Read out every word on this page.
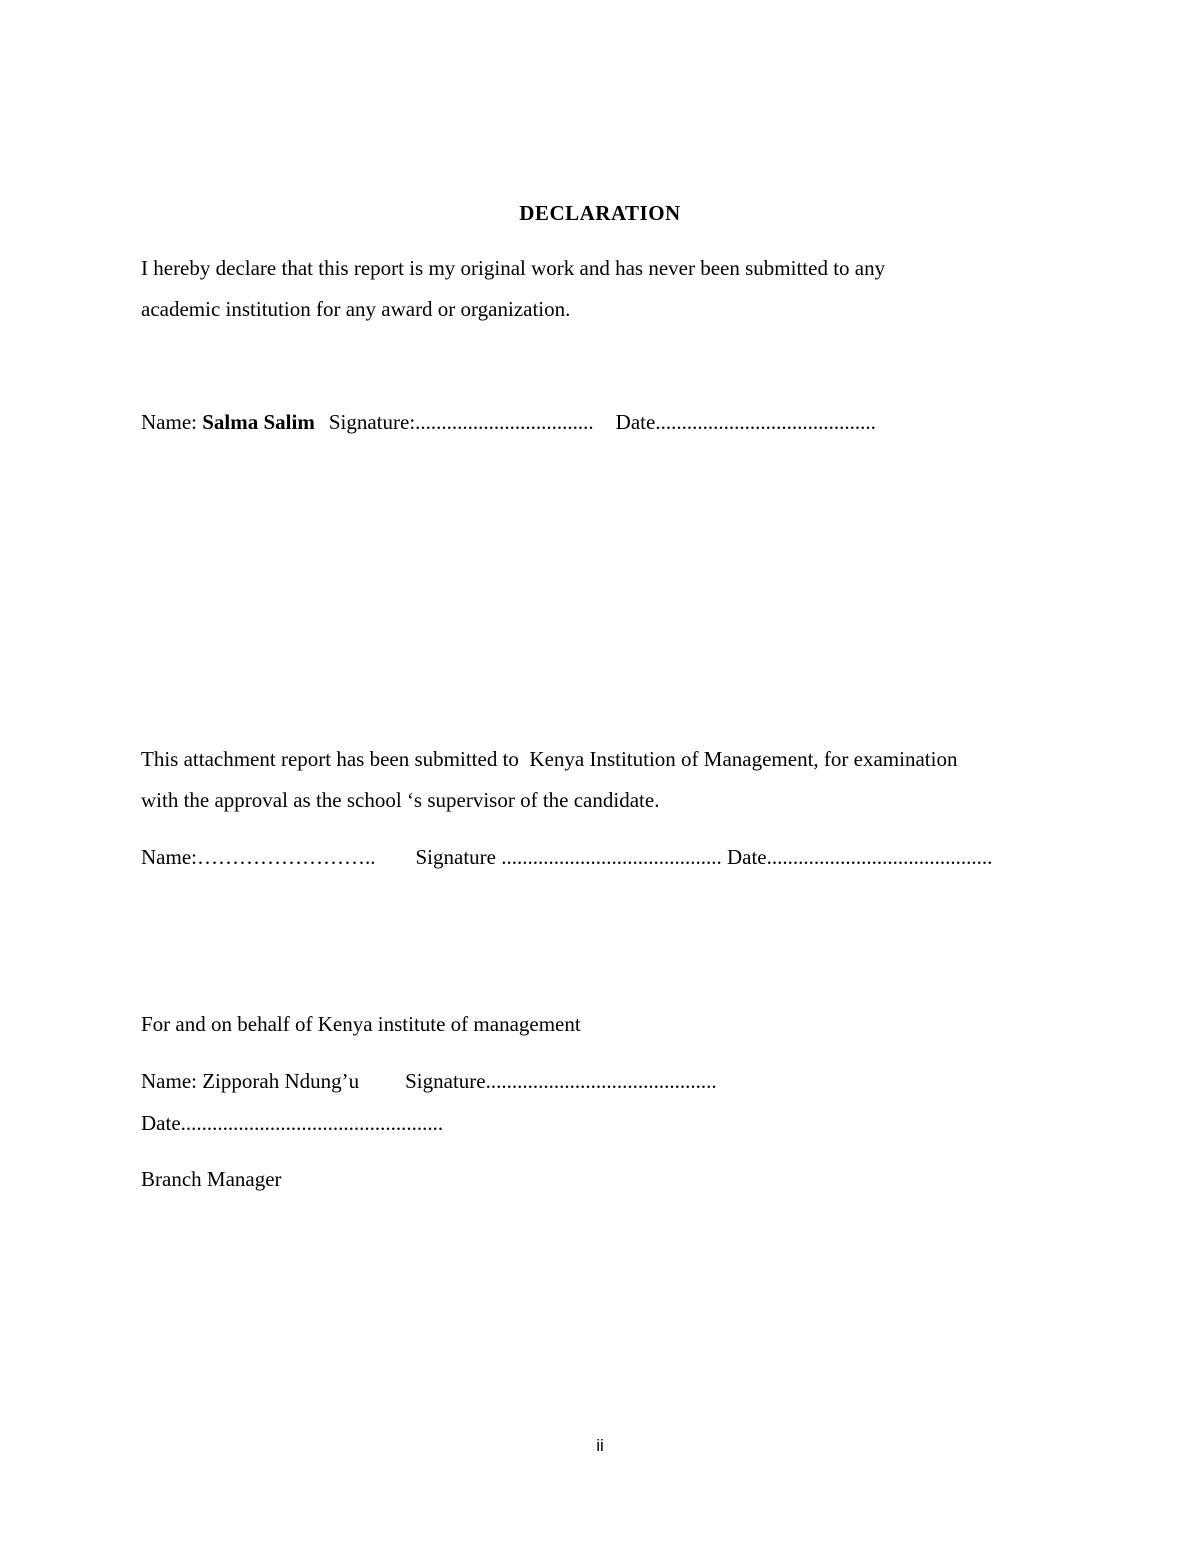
DECLARATION
I hereby declare that this report is my original work and has never been submitted to any
academic institution for any award or organization.
Name: Salma Salim Signature:.................................. Date..........................................
This attachment report has been submitted to  Kenya Institution of Management, for examination
with the approval as the school ‘s supervisor of the candidate.
Name:…………………….. Signature .......................................... Date...........................................
For and on behalf of Kenya institute of management
Name: Zipporah Ndung’u Signature............................................
Date..................................................
Branch Manager
ii
